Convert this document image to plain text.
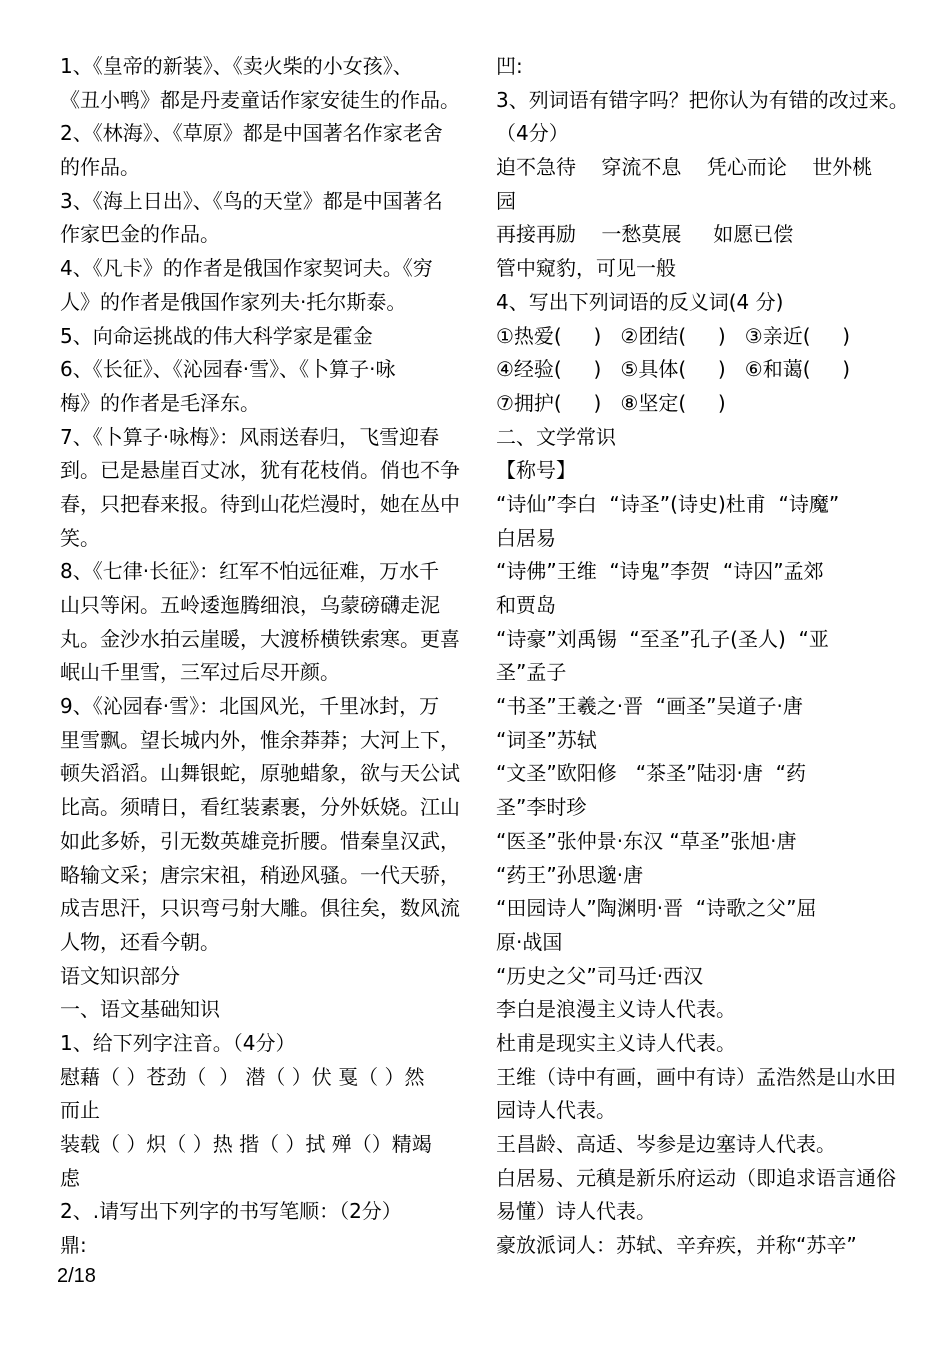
1、《皇帝的新装》、《卖火柴的小女孩》、
《丑小鸭》都是丹麦童话作家安徒生的作品。
2、《林海》、《草原》都是中国著名作家老舍
的作品。
3、《海上日出》、《鸟的天堂》都是中国著名
作家巴金的作品。
4、《凡卡》的作者是俄国作家契诃夫。《穷
人》的作者是俄国作家列夫·托尔斯泰。
5、向命运挑战的伟大科学家是霍金
6、《长征》、《沁园春·雪》、《卜算子·咏
梅》的作者是毛泽东。
7、《卜算子·咏梅》：风雨送春归，飞雪迎春
到。已是悬崖百丈冰，犹有花枝俏。俏也不争
春，只把春来报。待到山花烂漫时，她在丛中
笑。
8、《七律·长征》：红军不怕远征难，万水千
山只等闲。五岭逶迤腾细浪，乌蒙磅礴走泥
丸。金沙水拍云崖暖，大渡桥横铁索寒。更喜
岷山千里雪，三军过后尽开颜。
9、《沁园春·雪》：北国风光，千里冰封，万
里雪飘。望长城内外，惟余莽莽；大河上下，
顿失滔滔。山舞银蛇，原驰蜡象，欲与天公试
比高。须晴日，看红装素裹，分外妖娆。江山
如此多娇，引无数英雄竞折腰。惜秦皇汉武，
略输文采；唐宗宋祖，稍逊风骚。一代天骄，
成吉思汗，只识弯弓射大雕。俱往矣，数风流
人物，还看今朝。
语文知识部分
一、语文基础知识
1、给下列字注音。（4分）
慰藉（ ）苍劲（  ） 潜（ ）伏 戛（ ）然
而止
装载（ ）炽（ ）热 揩（ ）拭 殚（）精竭
虑
2、.请写出下列字的书写笔顺：（2分）
鼎:
凹:
3、列词语有错字吗？把你认为有错的改过来。
（4分）
迫不急待    穿流不息    凭心而论    世外桃
园
再接再励    一愁莫展     如愿已偿
管中窥豹，可见一般
4、写出下列词语的反义词(4 分)
①热爱(     )   ②团结(     )   ③亲近(     )
④经验(     )   ⑤具体(     )   ⑥和蔼(     )
⑦拥护(     )   ⑧坚定(     )
二、文学常识
【称号】
“诗仙”李白  “诗圣”(诗史)杜甫  “诗魔”
白居易
“诗佛”王维  “诗鬼”李贺  “诗囚”孟郊
和贾岛
“诗豪”刘禹锡  “至圣”孔子(圣人)  “亚
圣”孟子
“书圣”王羲之·晋  “画圣”吴道子·唐
“词圣”苏轼
“文圣”欧阳修   “茶圣”陆羽·唐  “药
圣”李时珍
“医圣”张仲景·东汉 “草圣”张旭·唐
“药王”孙思邈·唐
“田园诗人”陶渊明·晋  “诗歌之父”屈
原·战国
“历史之父”司马迁·西汉
李白是浪漫主义诗人代表。
杜甫是现实主义诗人代表。
王维（诗中有画，画中有诗）孟浩然是山水田
园诗人代表。
王昌龄、高适、岑参是边塞诗人代表。
白居易、元稹是新乐府运动（即追求语言通俗
易懂）诗人代表。
豪放派词人：苏轼、辛弃疾，并称“苏辛”
2/18
